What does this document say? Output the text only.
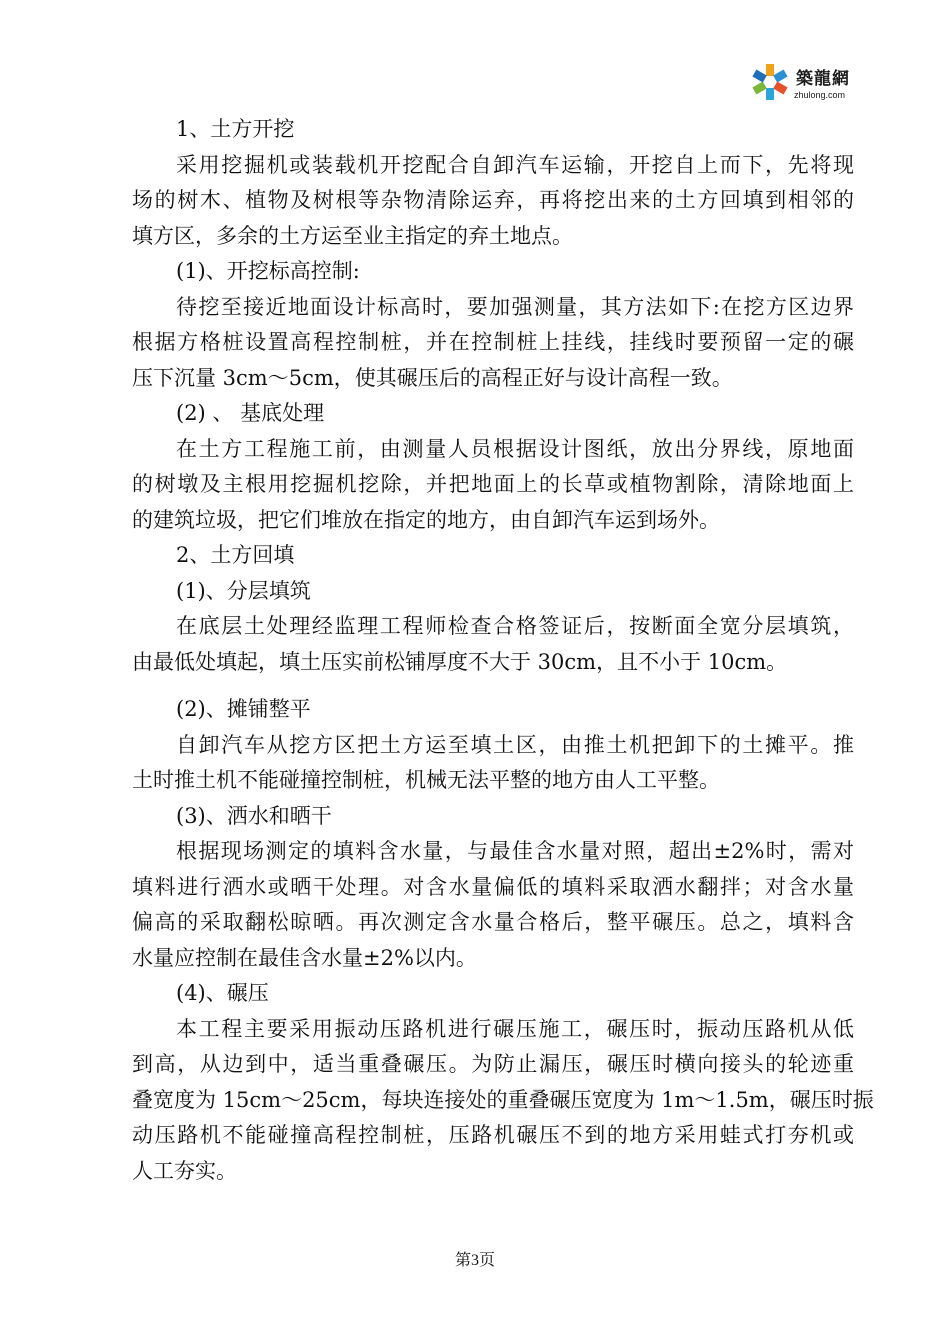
築龍網
zhulong.com
1、土方开挖
采用挖掘机或装载机开挖配合自卸汽车运输，开挖自上而下，先将现
场的树木、植物及树根等杂物清除运弃，再将挖出来的土方回填到相邻的
填方区，多余的土方运至业主指定的弃土地点。
(1)、开挖标高控制:
待挖至接近地面设计标高时，要加强测量，其方法如下:在挖方区边界
根据方格桩设置高程控制桩，并在控制桩上挂线，挂线时要预留一定的碾
压下沉量 3cm～5cm，使其碾压后的高程正好与设计高程一致。
(2) 、 基底处理
在土方工程施工前，由测量人员根据设计图纸，放出分界线，原地面
的树墩及主根用挖掘机挖除，并把地面上的长草或植物割除，清除地面上
的建筑垃圾，把它们堆放在指定的地方，由自卸汽车运到场外。
2、土方回填
(1)、分层填筑
在底层土处理经监理工程师检查合格签证后，按断面全宽分层填筑，
由最低处填起，填土压实前松铺厚度不大于 30cm，且不小于 10cm。
(2)、摊铺整平
自卸汽车从挖方区把土方运至填土区，由推土机把卸下的土摊平。推
土时推土机不能碰撞控制桩，机械无法平整的地方由人工平整。
(3)、洒水和晒干
根据现场测定的填料含水量，与最佳含水量对照，超出±2%时，需对
填料进行洒水或晒干处理。对含水量偏低的填料采取洒水翻拌；对含水量
偏高的采取翻松晾晒。再次测定含水量合格后，整平碾压。总之，填料含
水量应控制在最佳含水量±2%以内。
(4)、碾压
本工程主要采用振动压路机进行碾压施工，碾压时，振动压路机从低
到高，从边到中，适当重叠碾压。为防止漏压，碾压时横向接头的轮迹重
叠宽度为 15cm～25cm，每块连接处的重叠碾压宽度为 1m～1.5m，碾压时振
动压路机不能碰撞高程控制桩，压路机碾压不到的地方采用蛙式打夯机或
人工夯实。
第3页
